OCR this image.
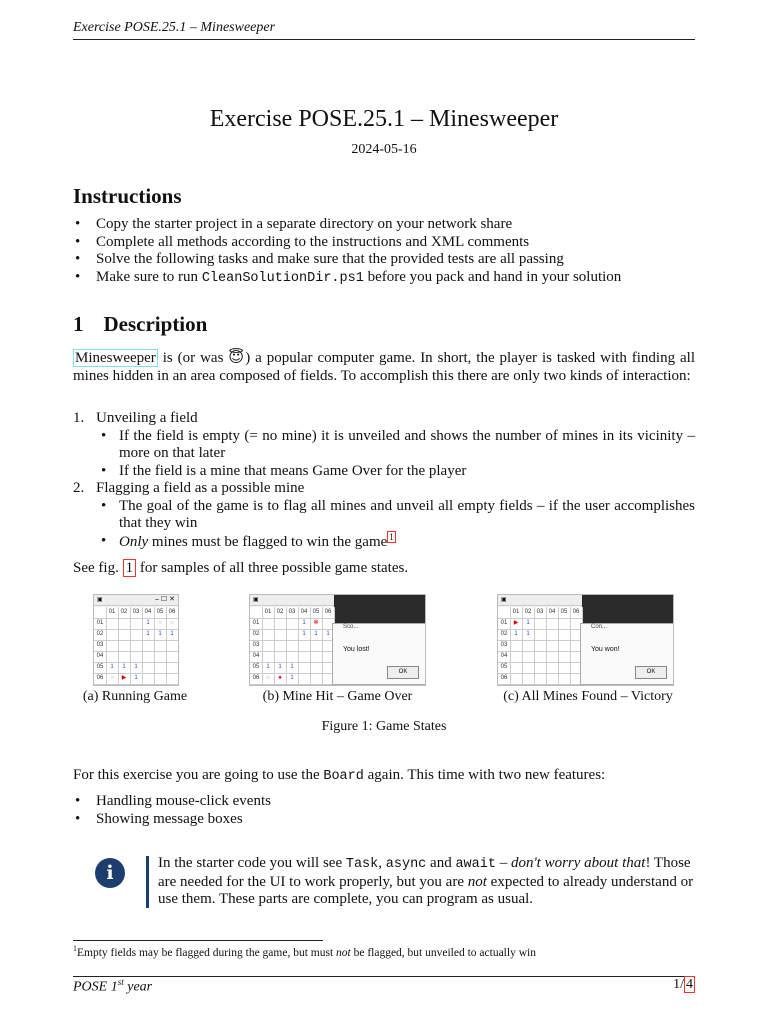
Exercise POSE.25.1 – Minesweeper
Exercise POSE.25.1 – Minesweeper
2024-05-16
Instructions
• Copy the starter project in a separate directory on your network share
• Complete all methods according to the instructions and XML comments
• Solve the following tasks and make sure that the provided tests are all passing
• Make sure to run CleanSolutionDir.ps1 before you pack and hand in your solution
1 Description
Minesweeper is (or was 😇) a popular computer game. In short, the player is tasked with finding all mines hidden in an area composed of fields. To accomplish this there are only two kinds of interaction:
1. Unveiling a field
• If the field is empty (= no mine) it is unveiled and shows the number of mines in its vicinity – more on that later
• If the field is a mine that means Game Over for the player
2. Flagging a field as a possible mine
• The goal of the game is to flag all mines and unveil all empty fields – if the user accomplishes that they win
• Only mines must be flagged to win the game $^1$
See fig. 1 for samples of all three possible game states.
▣	– ☐ ✕
01 02 03 04 05 06
01	1	○	○
02	1	1	1
03
04
05	1	1	1
06	○	▶	1
(a) Running Game
▣
01 02 03 04 05 06
01	1	✻
02	1	1	1
03
04
05	1	1	1
06	○	●	1
Sco...
You lost!
OK
(b) Mine Hit – Game Over
▣
01 02 03 04 05 06
01	▶	1
02	1	1
03
04
05
06
Con...
You won!
OK
(c) All Mines Found – Victory
Figure 1: Game States
For this exercise you are going to use the Board again. This time with two new features:
• Handling mouse-click events
• Showing message boxes
i	In the starter code you will see Task, async and await – don't worry about that! Those are needed for the UI to work properly, but you are not expected to already understand or use them. These parts are complete, you can program as usual.
$^1$Empty fields may be flagged during the game, but must not be flagged, but unveiled to actually win
POSE 1st year	1/ 4
